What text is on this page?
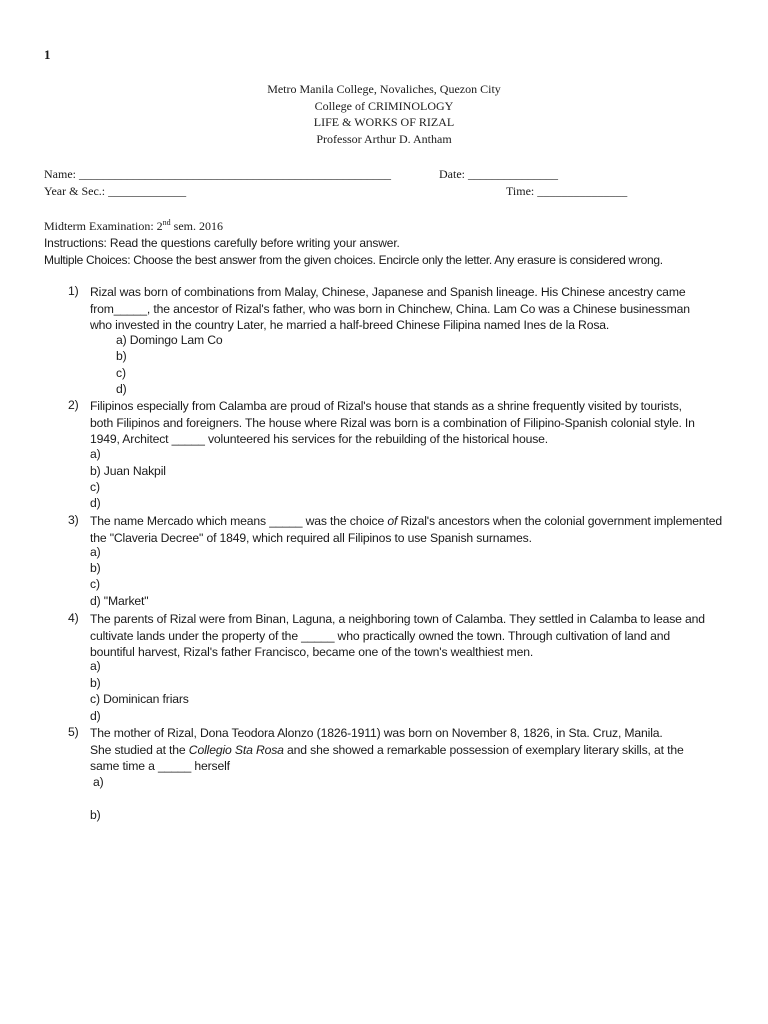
1
Metro Manila College, Novaliches, Quezon City
College of CRIMINOLOGY
LIFE & WORKS OF RIZAL
Professor Arthur D. Antham
Name: ____________________________________________________	Date: _______________
Year & Sec.: _____________	Time: _______________
Midterm Examination: 2nd sem. 2016
Instructions: Read the questions carefully before writing your answer.
Multiple Choices: Choose the best answer from the given choices. Encircle only the letter. Any erasure is considered wrong.
1) Rizal was born of combinations from Malay, Chinese, Japanese and Spanish lineage. His Chinese ancestry came
from_____, the ancestor of Rizal's father, who was born in Chinchew, China. Lam Co was a Chinese businessman
who invested in the country Later, he married a half-breed Chinese Filipina named Ines de la Rosa.
a) Domingo Lam Co
b)
c)
d)
2) Filipinos especially from Calamba are proud of Rizal's house that stands as a shrine frequently visited by tourists,
both Filipinos and foreigners. The house where Rizal was born is a combination of Filipino-Spanish colonial style. In
1949, Architect _____ volunteered his services for the rebuilding of the historical house.
a)
b) Juan Nakpil
c)
d)
3) The name Mercado which means _____ was the choice of Rizal's ancestors when the colonial government implemented
the "Claveria Decree" of 1849, which required all Filipinos to use Spanish surnames.
a)
b)
c)
d) "Market"
4) The parents of Rizal were from Binan, Laguna, a neighboring town of Calamba. They settled in Calamba to lease and
cultivate lands under the property of the _____ who practically owned the town. Through cultivation of land and
bountiful harvest, Rizal's father Francisco, became one of the town's wealthiest men.
a)
b)
c) Dominican friars
d)
5) The mother of Rizal, Dona Teodora Alonzo (1826-1911) was born on November 8, 1826, in Sta. Cruz, Manila.
She studied at the Collegio Sta Rosa and she showed a remarkable possession of exemplary literary skills, at the
same time a _____ herself
a)
b)
